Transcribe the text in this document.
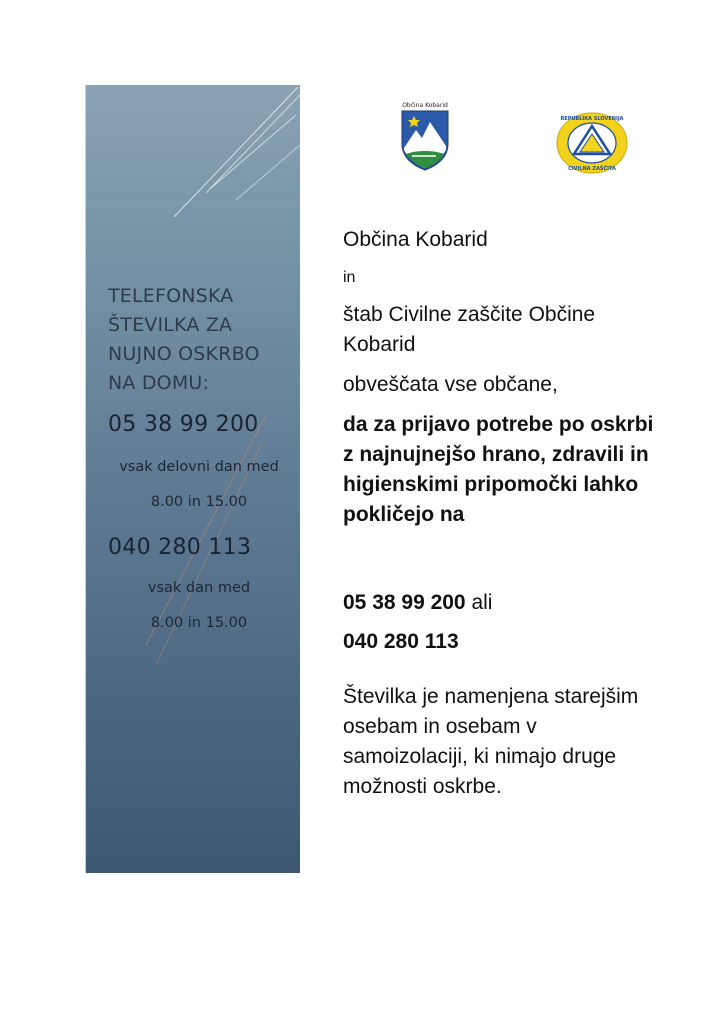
TELEFONSKA ŠTEVILKA ZA NUJNO OSKRBO NA DOMU:
05 38 99 200
vsak delovni dan med
8.00 in 15.00
040 280 113
vsak dan med
8.00 in 15.00
Občina Kobarid
REPUBLIKA SLOVENIJA
CIVILNA ZAŠČITA
Občina Kobarid
in
štab Civilne zaščite Občine Kobarid
obveščata vse občane,
da za prijavo potrebe po oskrbi z najnujnejšo hrano, zdravili in higienskimi pripomočki lahko pokličejo na
05 38 99 200 ali
040 280 113
Številka je namenjena starejšim osebam in osebam v samoizolaciji, ki nimajo druge možnosti oskrbe.
